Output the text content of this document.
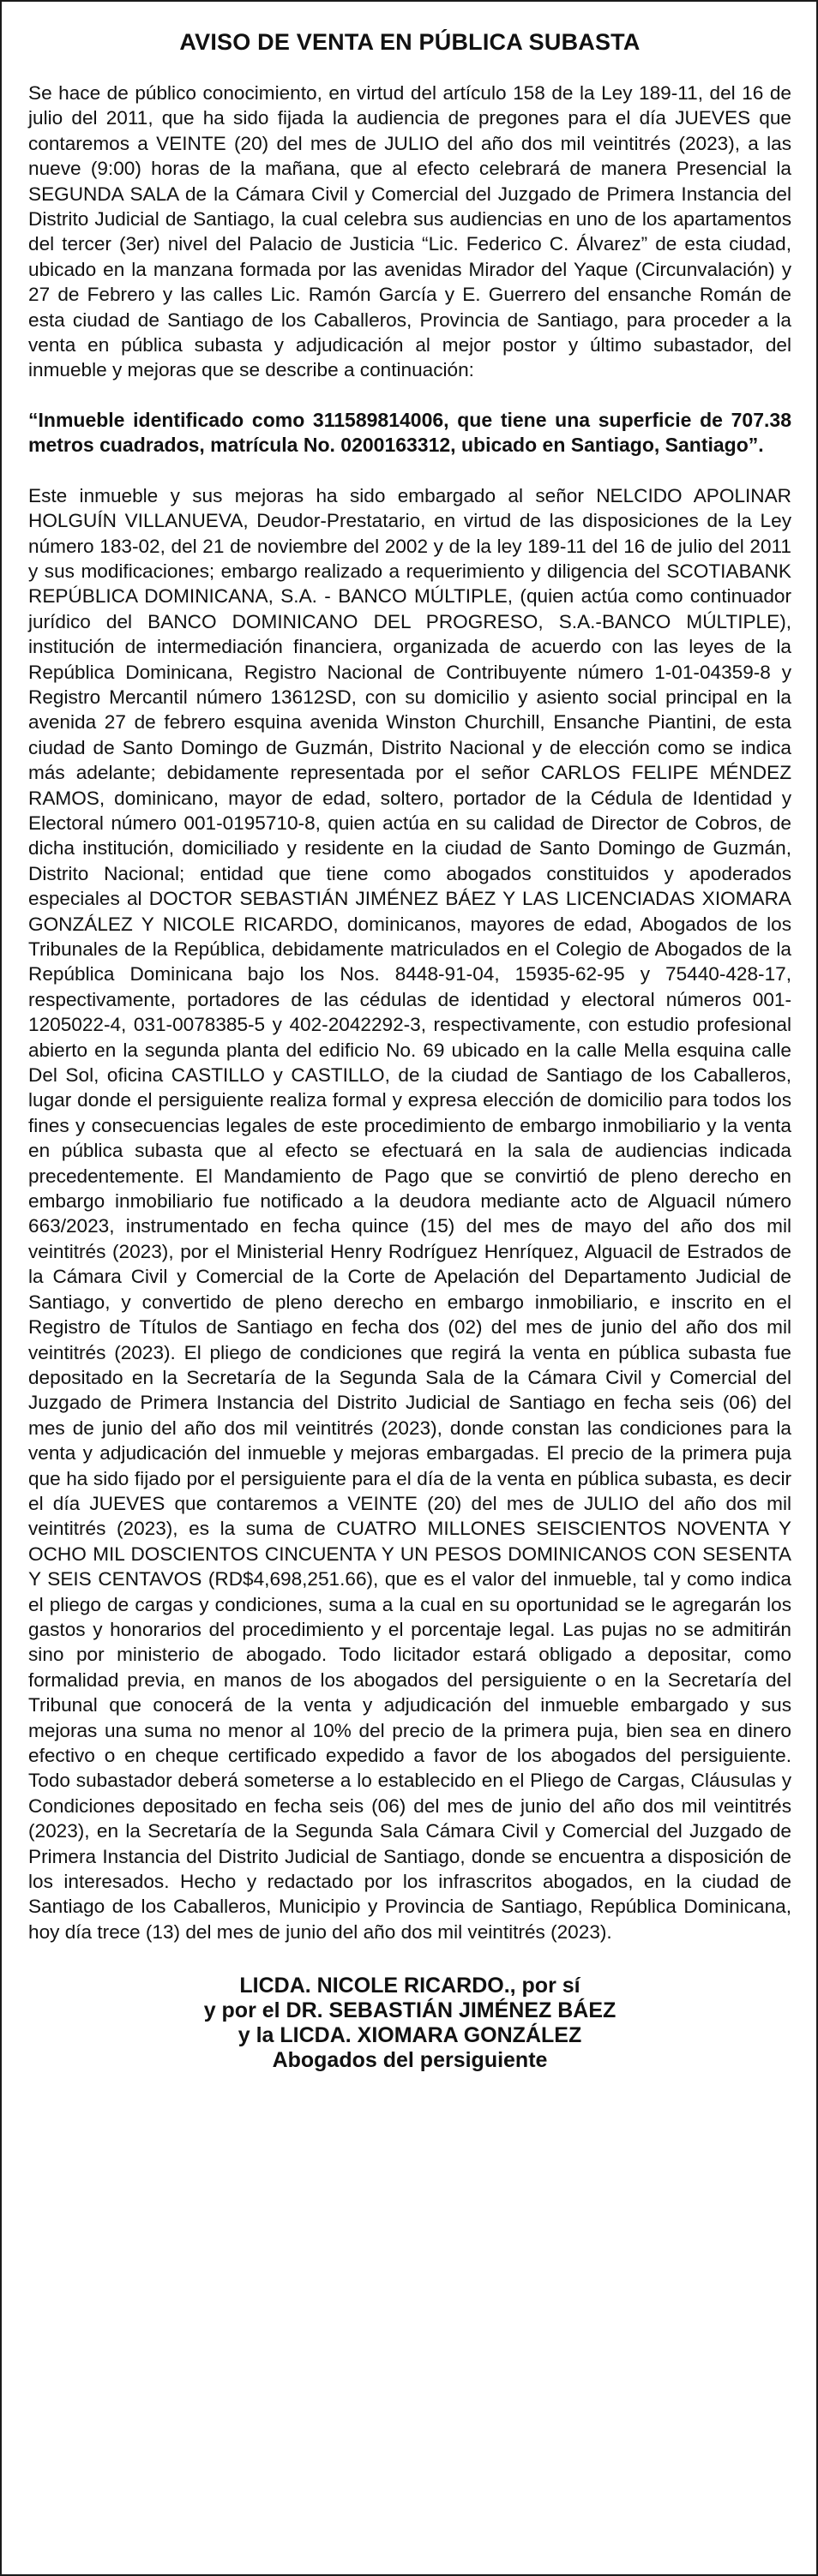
AVISO DE VENTA EN PÚBLICA SUBASTA

Se hace de público conocimiento, en virtud del artículo 158 de la Ley 189-11, del 16 de julio del 2011, que ha sido fijada la audiencia de pregones para el día JUEVES que contaremos a VEINTE (20) del mes de JULIO del año dos mil veintitrés (2023), a las nueve (9:00) horas de la mañana, que al efecto celebrará de manera Presencial la SEGUNDA SALA de la Cámara Civil y Comercial del Juzgado de Primera Instancia del Distrito Judicial de Santiago, la cual celebra sus audiencias en uno de los apartamentos del tercer (3er) nivel del Palacio de Justicia “Lic. Federico C. Álvarez” de esta ciudad, ubicado en la manzana formada por las avenidas Mirador del Yaque (Circunvalación) y 27 de Febrero y las calles Lic. Ramón García y E. Guerrero del ensanche Román de esta ciudad de Santiago de los Caballeros, Provincia de Santiago, para proceder a la venta en pública subasta y adjudicación al mejor postor y último subastador, del inmueble y mejoras que se describe a continuación:

“Inmueble identificado como 311589814006, que tiene una superficie de 707.38 metros cuadrados, matrícula No. 0200163312, ubicado en Santiago, Santiago”.

Este inmueble y sus mejoras ha sido embargado al señor NELCIDO APOLINAR HOLGUÍN VILLANUEVA, Deudor-Prestatario, en virtud de las disposiciones de la Ley número 183-02, del 21 de noviembre del 2002 y de la ley 189-11 del 16 de julio del 2011 y sus modificaciones; embargo realizado a requerimiento y diligencia del SCOTIABANK REPÚBLICA DOMINICANA, S.A. - BANCO MÚLTIPLE, (quien actúa como continuador jurídico del BANCO DOMINICANO DEL PROGRESO, S.A.-BANCO MÚLTIPLE), institución de intermediación financiera, organizada de acuerdo con las leyes de la República Dominicana, Registro Nacional de Contribuyente número 1-01-04359-8 y Registro Mercantil número 13612SD, con su domicilio y asiento social principal en la avenida 27 de febrero esquina avenida Winston Churchill, Ensanche Piantini, de esta ciudad de Santo Domingo de Guzmán, Distrito Nacional y de elección como se indica más adelante; debidamente representada por el señor CARLOS FELIPE MÉNDEZ RAMOS, dominicano, mayor de edad, soltero, portador de la Cédula de Identidad y Electoral número 001-0195710-8, quien actúa en su calidad de Director de Cobros, de dicha institución, domiciliado y residente en la ciudad de Santo Domingo de Guzmán, Distrito Nacional; entidad que tiene como abogados constituidos y apoderados especiales al DOCTOR SEBASTIÁN JIMÉNEZ BÁEZ Y LAS LICENCIADAS XIOMARA GONZÁLEZ Y NICOLE RICARDO, dominicanos, mayores de edad, Abogados de los Tribunales de la República, debidamente matriculados en el Colegio de Abogados de la República Dominicana bajo los Nos. 8448-91-04, 15935-62-95 y 75440-428-17, respectivamente, portadores de las cédulas de identidad y electoral números 001-1205022-4, 031-0078385-5 y 402-2042292-3, respectivamente, con estudio profesional abierto en la segunda planta del edificio No. 69 ubicado en la calle Mella esquina calle Del Sol, oficina CASTILLO y CASTILLO, de la ciudad de Santiago de los Caballeros, lugar donde el persiguiente realiza formal y expresa elección de domicilio para todos los fines y consecuencias legales de este procedimiento de embargo inmobiliario y la venta en pública subasta que al efecto se efectuará en la sala de audiencias indicada precedentemente. El Mandamiento de Pago que se convirtió de pleno derecho en embargo inmobiliario fue notificado a la deudora mediante acto de Alguacil número 663/2023, instrumentado en fecha quince (15) del mes de mayo del año dos mil veintitrés (2023), por el Ministerial Henry Rodríguez Henríquez, Alguacil de Estrados de la Cámara Civil y Comercial de la Corte de Apelación del Departamento Judicial de Santiago, y convertido de pleno derecho en embargo inmobiliario, e inscrito en el Registro de Títulos de Santiago en fecha dos (02) del mes de junio del año dos mil veintitrés (2023). El pliego de condiciones que regirá la venta en pública subasta fue depositado en la Secretaría de la Segunda Sala de la Cámara Civil y Comercial del Juzgado de Primera Instancia del Distrito Judicial de Santiago en fecha seis (06) del mes de junio del año dos mil veintitrés (2023), donde constan las condiciones para la venta y adjudicación del inmueble y mejoras embargadas. El precio de la primera puja que ha sido fijado por el persiguiente para el día de la venta en pública subasta, es decir el día JUEVES que contaremos a VEINTE (20) del mes de JULIO del año dos mil veintitrés (2023), es la suma de CUATRO MILLONES SEISCIENTOS NOVENTA Y OCHO MIL DOSCIENTOS CINCUENTA Y UN PESOS DOMINICANOS CON SESENTA Y SEIS CENTAVOS (RD$4,698,251.66), que es el valor del inmueble, tal y como indica el pliego de cargas y condiciones, suma a la cual en su oportunidad se le agregarán los gastos y honorarios del procedimiento y el porcentaje legal. Las pujas no se admitirán sino por ministerio de abogado. Todo licitador estará obligado a depositar, como formalidad previa, en manos de los abogados del persiguiente o en la Secretaría del Tribunal que conocerá de la venta y adjudicación del inmueble embargado y sus mejoras una suma no menor al 10% del precio de la primera puja, bien sea en dinero efectivo o en cheque certificado expedido a favor de los abogados del persiguiente. Todo subastador deberá someterse a lo establecido en el Pliego de Cargas, Cláusulas y Condiciones depositado en fecha seis (06) del mes de junio del año dos mil veintitrés (2023), en la Secretaría de la Segunda Sala Cámara Civil y Comercial del Juzgado de Primera Instancia del Distrito Judicial de Santiago, donde se encuentra a disposición de los interesados. Hecho y redactado por los infrascritos abogados, en la ciudad de Santiago de los Caballeros, Municipio y Provincia de Santiago, República Dominicana, hoy día trece (13) del mes de junio del año dos mil veintitrés (2023).

LICDA. NICOLE RICARDO., por sí
y por el DR. SEBASTIÁN JIMÉNEZ BÁEZ
y la LICDA. XIOMARA GONZÁLEZ
Abogados del persiguiente
